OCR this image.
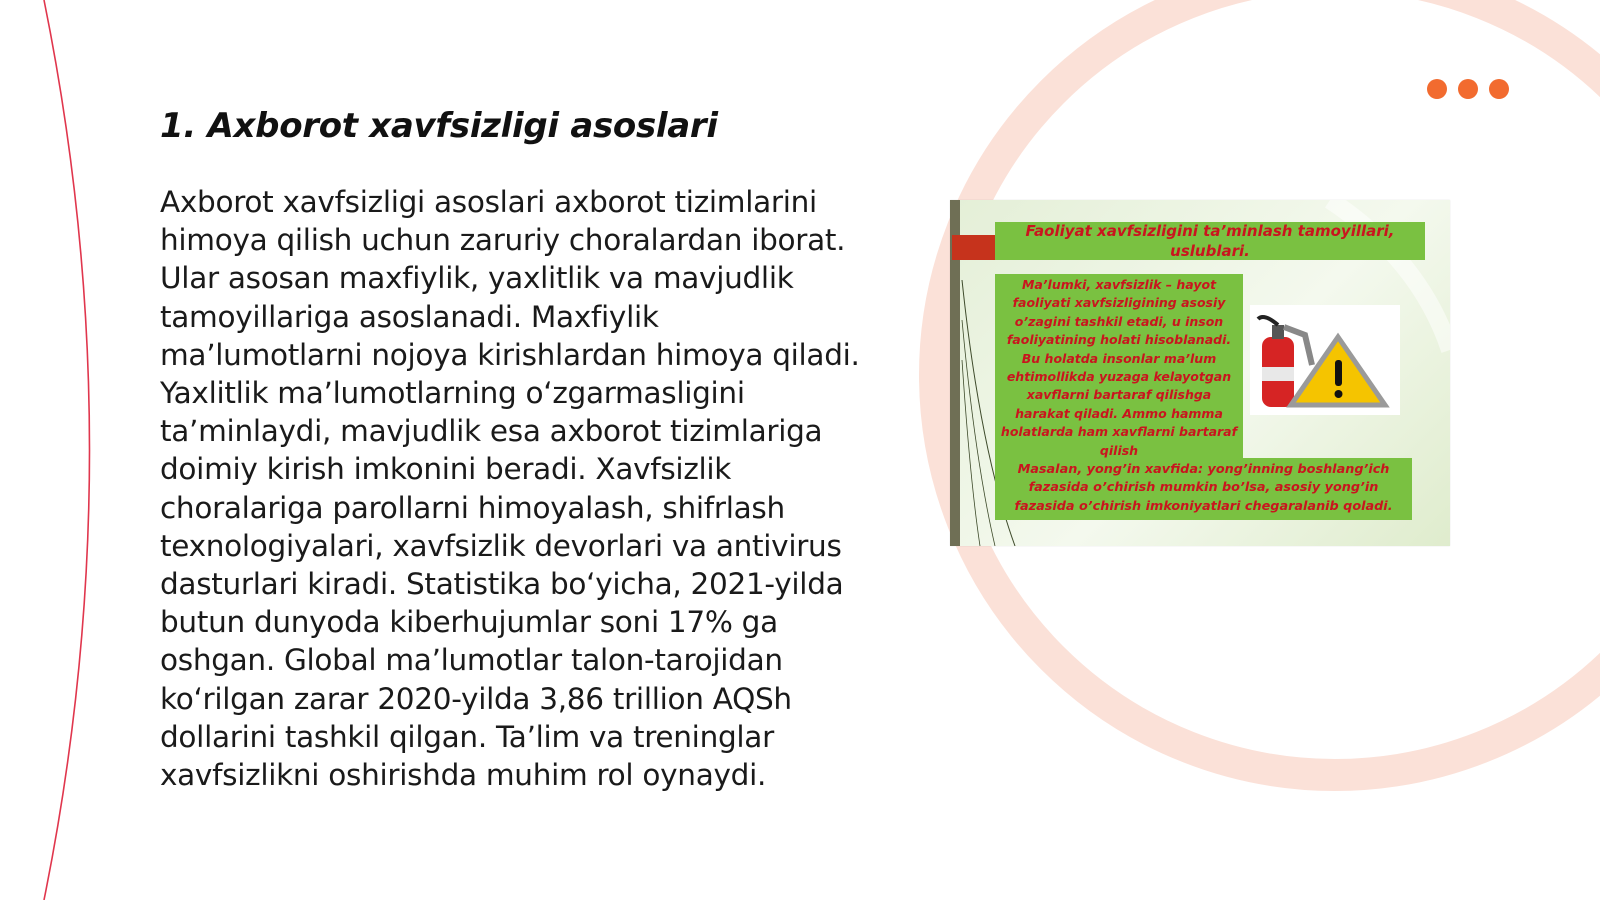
1. Axborot xavfsizligi asoslari

Axborot xavfsizligi asoslari axborot tizimlarini himoya qilish uchun zaruriy choralardan iborat. Ular asosan maxfiylik, yaxlitlik va mavjudlik tamoyillariga asoslanadi. Maxfiylik ma’lumotlarni nojoya kirishlardan himoya qiladi. Yaxlitlik ma’lumotlarning o‘zgarmasligini ta’minlaydi, mavjudlik esa axborot tizimlariga doimiy kirish imkonini beradi. Xavfsizlik choralariga parollarni himoyalash, shifrlash texnologiyalari, xavfsizlik devorlari va antivirus dasturlari kiradi. Statistika bo‘yicha, 2021-yilda butun dunyoda kiberhujumlar soni 17% ga oshgan. Global ma’lumotlar talon-tarojidan ko‘rilgan zarar 2020-yilda 3,86 trillion AQSh dollarini tashkil qilgan. Ta’lim va treninglar xavfsizlikni oshirishda muhim rol oynaydi.

Faoliyat xavfsizligini ta’minlash tamoyillari, uslublari.

Ma’lumki, xavfsizlik – hayot faoliyati xavfsizligining asosiy o’zagini tashkil etadi, u inson faoliyatining holati hisoblanadi. Bu holatda insonlar ma’lum ehtimollikda yuzaga kelayotgan xavflarni bartaraf qilishga harakat qiladi. Ammo hamma holatlarda ham xavflarni bartaraf qilish

Masalan, yong’in xavfida: yong’inning boshlang’ich fazasida o’chirish mumkin bo’lsa, asosiy yong’in fazasida o’chirish imkoniyatlari chegaralanib qoladi.
